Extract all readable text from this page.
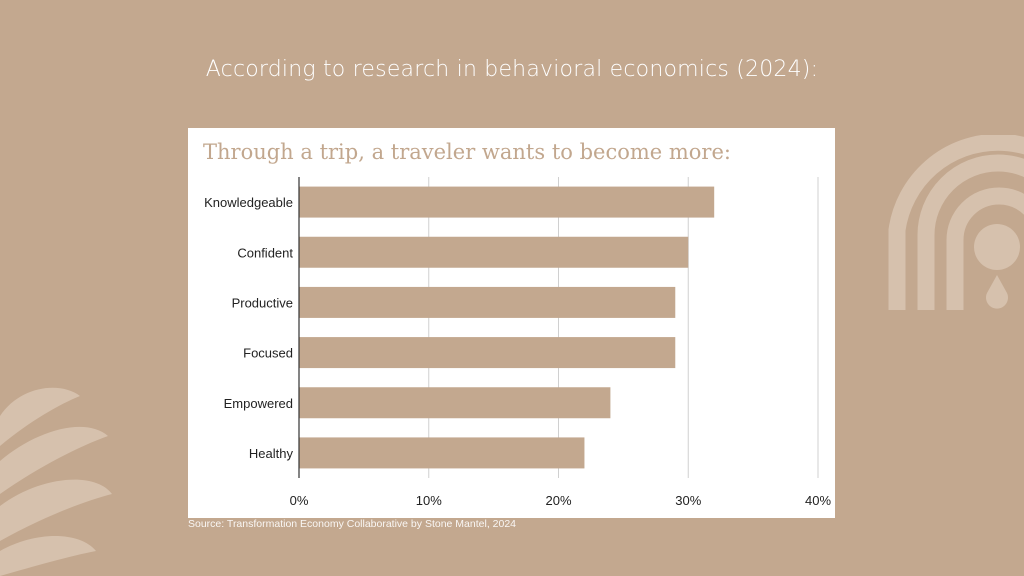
According to research in behavioral economics (2024):
Through a trip, a traveler wants to become more:
0%	10%	20%	30%	40%
Knowledgeable
Confident
Productive
Focused
Empowered
Healthy
Source: Transformation Economy Collaborative by Stone Mantel, 2024
